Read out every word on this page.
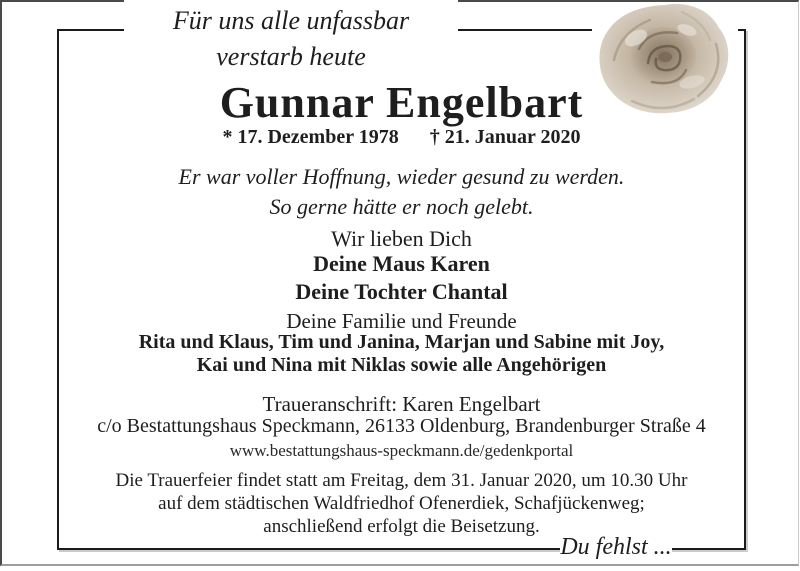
Für uns alle unfassbar
verstarb heute
Gunnar Engelbart
* 17. Dezember 1978 † 21. Januar 2020
Er war voller Hoffnung, wieder gesund zu werden.
So gerne hätte er noch gelebt.
Wir lieben Dich
Deine Maus Karen
Deine Tochter Chantal
Deine Familie und Freunde
Rita und Klaus, Tim und Janina, Marjan und Sabine mit Joy,
Kai und Nina mit Niklas sowie alle Angehörigen
Traueranschrift: Karen Engelbart
c/o Bestattungshaus Speckmann, 26133 Oldenburg, Brandenburger Straße 4
www.bestattungshaus-speckmann.de/gedenkportal
Die Trauerfeier findet statt am Freitag, dem 31. Januar 2020, um 10.30 Uhr
auf dem städtischen Waldfriedhof Ofenerdiek, Schafjückenweg;
anschließend erfolgt die Beisetzung.
Du fehlst ...
